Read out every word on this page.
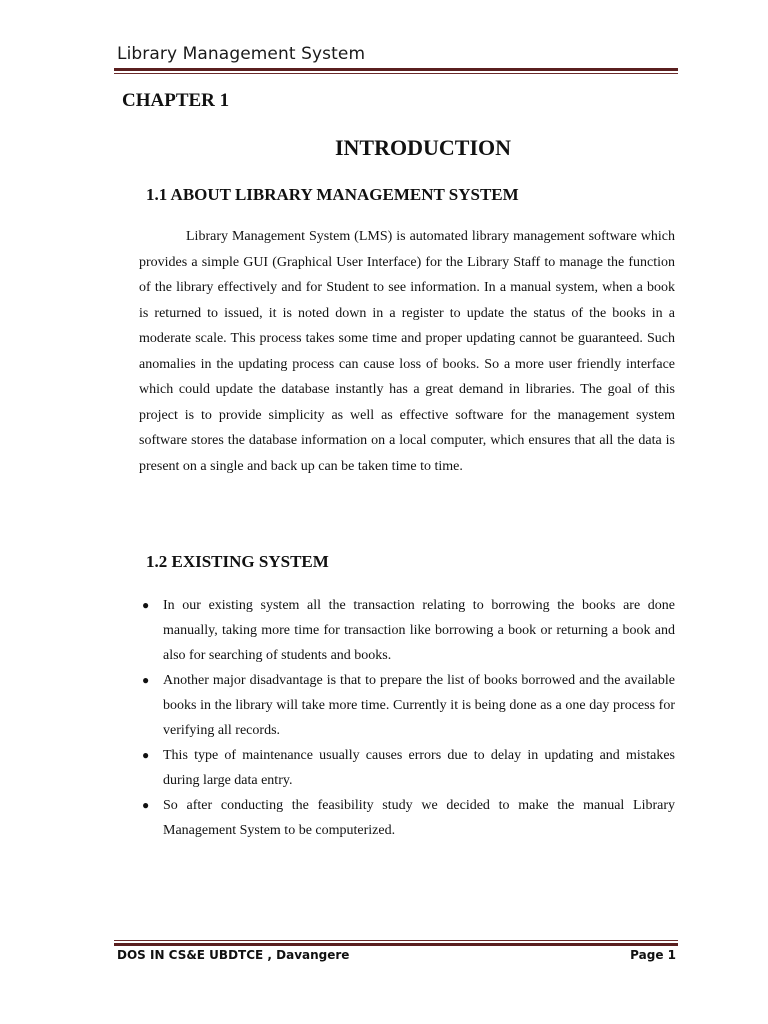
Library Management System
CHAPTER 1
INTRODUCTION
1.1 ABOUT LIBRARY MANAGEMENT SYSTEM

Library Management System (LMS) is automated library management software which provides a simple GUI (Graphical User Interface) for the Library Staff to manage the function of the library effectively and for Student to see information. In a manual system, when a book is returned to issued, it is noted down in a register to update the status of the books in a moderate scale. This process takes some time and proper updating cannot be guaranteed. Such anomalies in the updating process can cause loss of books. So a more user friendly interface which could update the database instantly has a great demand in libraries. The goal of this project is to provide simplicity as well as effective software for the management system software stores the database information on a local computer, which ensures that all the data is present on a single and back up can be taken time to time.

1.2 EXISTING SYSTEM
● In our existing system all the transaction relating to borrowing the books are done manually, taking more time for transaction like borrowing a book or returning a book and also for searching of students and books.
● Another major disadvantage is that to prepare the list of books borrowed and the available books in the library will take more time. Currently it is being done as a one day process for verifying all records.
● This type of maintenance usually causes errors due to delay in updating and mistakes during large data entry.
● So after conducting the feasibility study we decided to make the manual Library Management System to be computerized.
DOS IN CS&E UBDTCE , Davangere	Page 1
